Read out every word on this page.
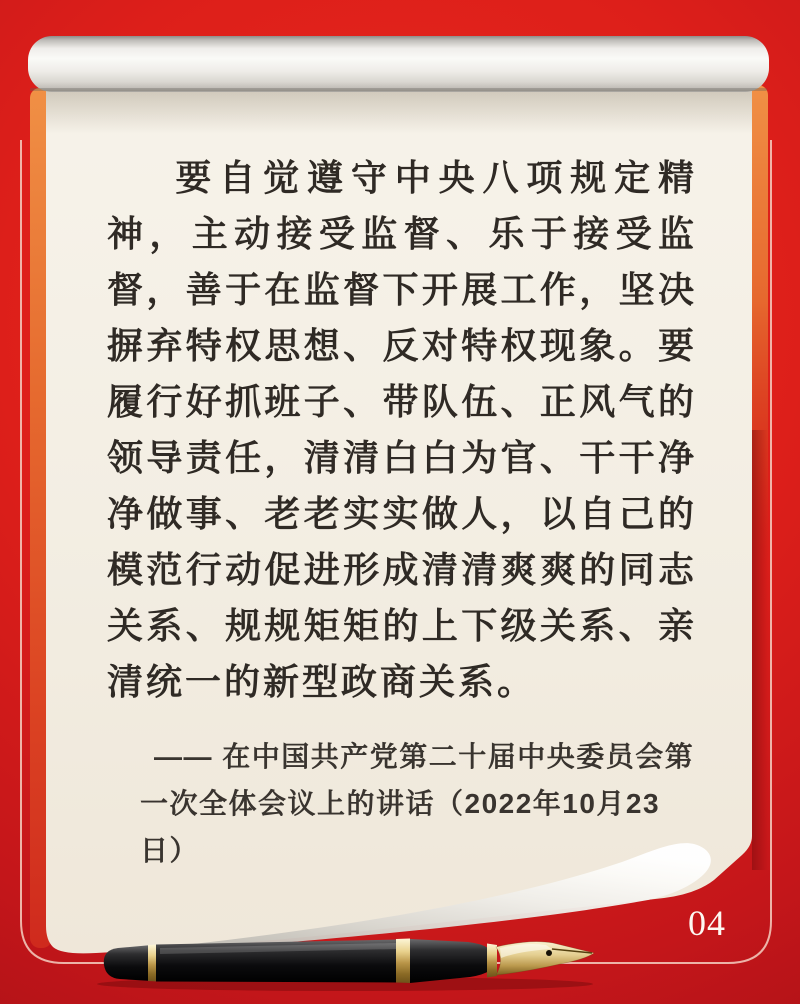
要自觉遵守中央八项规定精神，主动接受监督、乐于接受监督，善于在监督下开展工作，坚决摒弃特权思想、反对特权现象。要履行好抓班子、带队伍、正风气的领导责任，清清白白为官、干干净净做事、老老实实做人，以自己的模范行动促进形成清清爽爽的同志关系、规规矩矩的上下级关系、亲清统一的新型政商关系。
—— 在中国共产党第二十届中央委员会第一次全体会议上的讲话（2022年10月23日）
04
